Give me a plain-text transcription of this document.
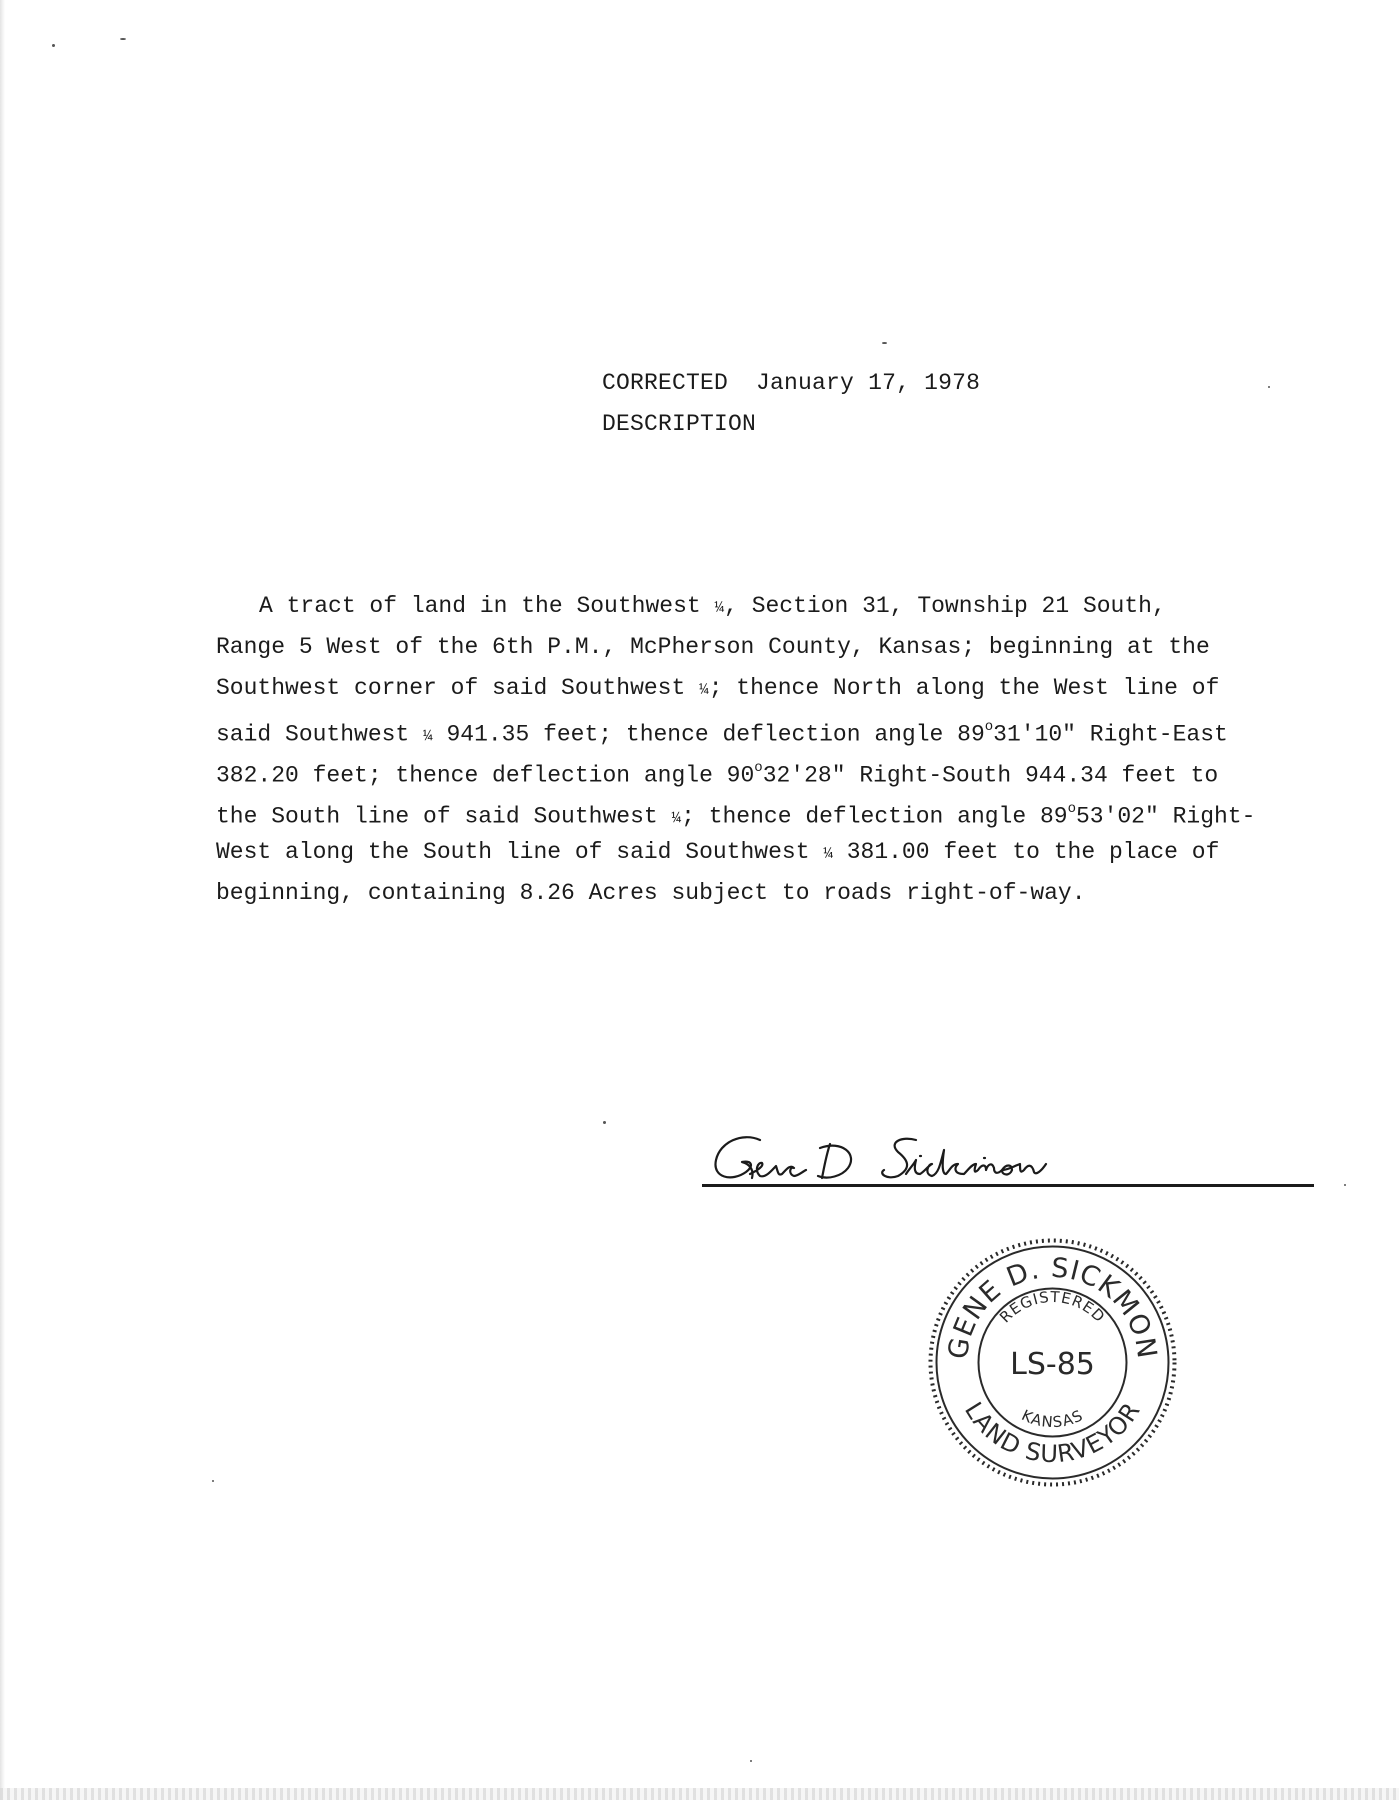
CORRECTED January 17, 1978
DESCRIPTION
A tract of land in the Southwest ¼, Section 31, Township 21 South,
Range 5 West of the 6th P.M., McPherson County, Kansas; beginning at the
Southwest corner of said Southwest ¼; thence North along the West line of
said Southwest ¼ 941.35 feet; thence deflection angle 89$^o$31'10" Right-East
382.20 feet; thence deflection angle 90$^o$32'28" Right-South 944.34 feet to
the South line of said Southwest ¼; thence deflection angle 89$^o$53'02" Right-
West along the South line of said Southwest ¼ 381.00 feet to the place of
beginning, containing 8.26 Acres subject to roads right-of-way.
GENE D. SICKMON
LAND SURVEYOR
REGISTERED
KANSAS
LS-85
